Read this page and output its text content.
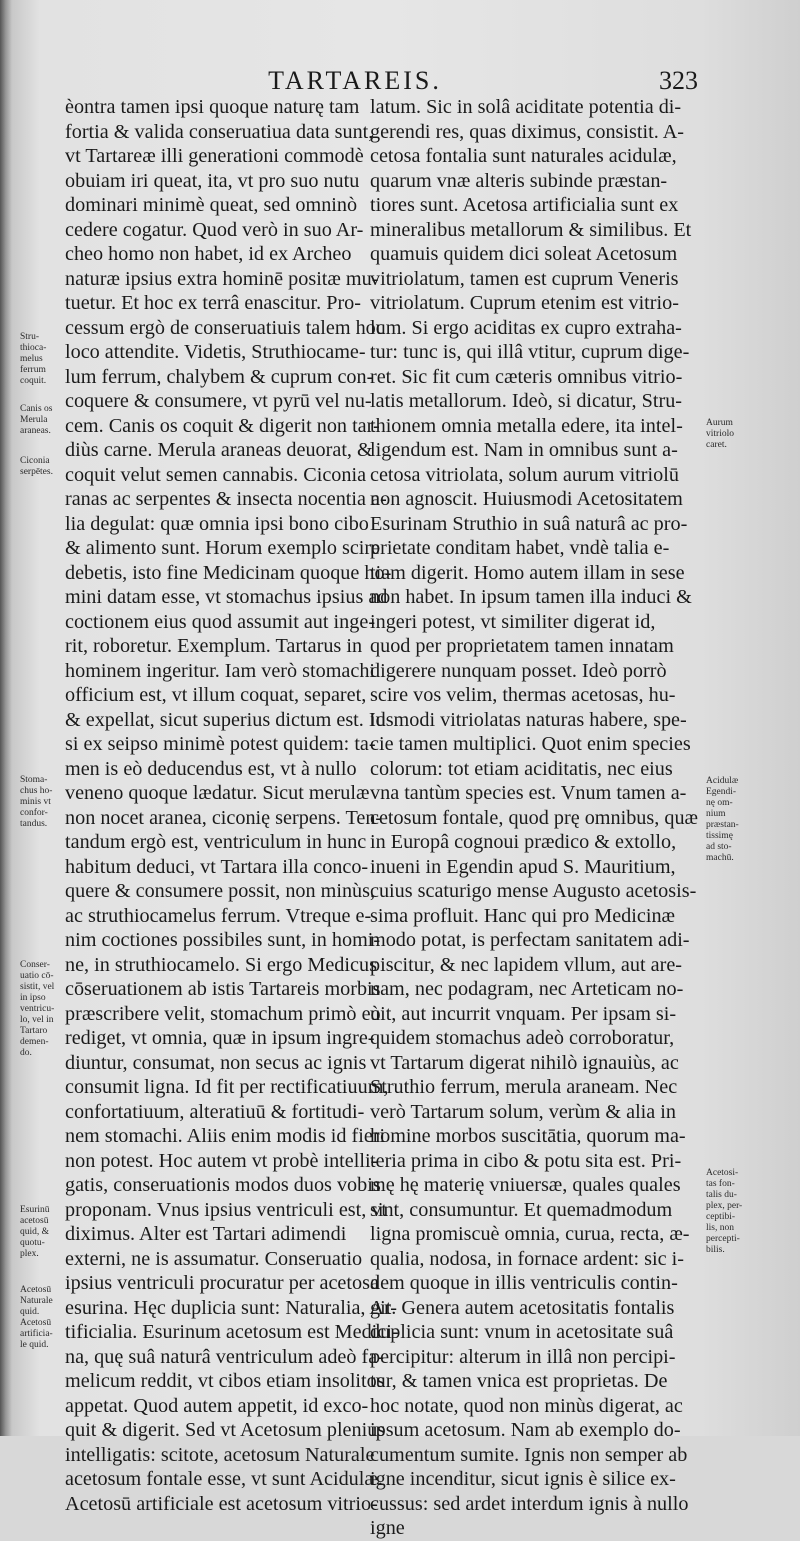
TARTAREIS.	323
èontra tamen ipsi quoque naturę tam
fortia & valida conseruatiua data sunt,
vt Tartareæ illi generationi commodè
obuiam iri queat, ita, vt pro suo nutu
dominari minimè queat, sed omninò
cedere cogatur. Quod verò in suo Ar-
cheo homo non habet, id ex Archeo
naturæ ipsius extra hominē positæ mu-
tuetur. Et hoc ex terrâ enascitur. Pro-
cessum ergò de conseruatiuis talem hoc
loco attendite. Videtis, Struthiocame-
lum ferrum, chalybem & cuprum con-
coquere & consumere, vt pyrū vel nu-
cem. Canis os coquit & digerit non tar-
diùs carne. Merula araneas deuorat, &
coquit velut semen cannabis. Ciconia
ranas ac serpentes & insecta nocentia a-
lia degulat: quæ omnia ipsi bono cibo
& alimento sunt. Horum exemplo scire
debetis, isto fine Medicinam quoque ho-
mini datam esse, vt stomachus ipsius ad
coctionem eius quod assumit aut inge-
rit, roboretur. Exemplum. Tartarus in
hominem ingeritur. Iam verò stomachi
officium est, vt illum coquat, separet,
& expellat, sicut superius dictum est. Id
si ex seipso minimè potest quidem: ta-
men is eò deducendus est, vt à nullo
veneno quoque lædatur. Sicut merulæ
non nocet aranea, ciconię serpens. Ten-
tandum ergò est, ventriculum in hunc
habitum deduci, vt Tartara illa conco-
quere & consumere possit, non minùs,
ac struthiocamelus ferrum. Vtreque e-
nim coctiones possibiles sunt, in homi-
ne, in struthiocamelo. Si ergo Medicus
cōseruationem ab istis Tartareis morbis
præscribere velit, stomachum primò eò
rediget, vt omnia, quæ in ipsum ingre-
diuntur, consumat, non secus ac ignis
consumit ligna. Id fit per rectificatiuum,
confortatiuum, alteratiuū & fortitudi-
nem stomachi. Aliis enim modis id fieri
non potest. Hoc autem vt probè intelli-
gatis, conseruationis modos duos vobis
proponam. Vnus ipsius ventriculi est, vt
diximus. Alter est Tartari adimendi
externi, ne is assumatur. Conseruatio
ipsius ventriculi procuratur per acetosa
esurina. Hęc duplicia sunt: Naturalia, Ar-
tificialia. Esurinum acetosum est Medici-
na, quę suâ naturâ ventriculum adeò fa-
melicum reddit, vt cibos etiam insolitos
appetat. Quod autem appetit, id exco-
quit & digerit. Sed vt Acetosum plenius
intelligatis: scitote, acetosum Naturale
acetosum fontale esse, vt sunt Acidulæ.
Acetosū artificiale est acetosum vitrio-
latum. Sic in solâ aciditate potentia di-
gerendi res, quas diximus, consistit. A-
cetosa fontalia sunt naturales acidulæ,
quarum vnæ alteris subinde præstan-
tiores sunt. Acetosa artificialia sunt ex
mineralibus metallorum & similibus. Et
quamuis quidem dici soleat Acetosum
vitriolatum, tamen est cuprum Veneris
vitriolatum. Cuprum etenim est vitrio-
lum. Si ergo aciditas ex cupro extraha-
tur: tunc is, qui illâ vtitur, cuprum dige-
ret. Sic fit cum cæteris omnibus vitrio-
latis metallorum. Ideò, si dicatur, Stru-
thionem omnia metalla edere, ita intel-
ligendum est. Nam in omnibus sunt a-
cetosa vitriolata, solum aurum vitriolū
non agnoscit. Huiusmodi Acetositatem
Esurinam Struthio in suâ naturâ ac pro-
prietate conditam habet, vndè talia e-
tiam digerit. Homo autem illam in sese
non habet. In ipsum tamen illa induci &
ingeri potest, vt similiter digerat id,
quod per proprietatem tamen innatam
digerere nunquam posset. Ideò porrò
scire vos velim, thermas acetosas, hu-
iusmodi vitriolatas naturas habere, spe-
cie tamen multiplici. Quot enim species
colorum: tot etiam aciditatis, nec eius
vna tantùm species est. Vnum tamen a-
cetosum fontale, quod prę omnibus, quæ
in Europâ cognoui prædico & extollo,
inueni in Egendin apud S. Mauritium,
cuius scaturigo mense Augusto acetosis-
sima profluit. Hanc qui pro Medicinæ
modo potat, is perfectam sanitatem adi-
piscitur, & nec lapidem vllum, aut are-
nam, nec podagram, nec Arteticam no-
uit, aut incurrit vnquam. Per ipsam si-
quidem stomachus adeò corroboratur,
vt Tartarum digerat nihilò ignauiùs, ac
Struthio ferrum, merula araneam. Nec
verò Tartarum solum, verùm & alia in
homine morbos suscitātia, quorum ma-
teria prima in cibo & potu sita est. Pri-
mę hę materię vniuersæ, quales quales
sint, consumuntur. Et quemadmodum
ligna promiscuè omnia, curua, recta, æ-
qualia, nodosa, in fornace ardent: sic i-
dem quoque in illis ventriculis contin-
git. Genera autem acetositatis fontalis
duplicia sunt: vnum in acetositate suâ
percipitur: alterum in illâ non percipi-
tur, & tamen vnica est proprietas. De
hoc notate, quod non minùs digerat, ac
ipsum acetosum. Nam ab exemplo do-
cumentum sumite. Ignis non semper ab
igne incenditur, sicut ignis è silice ex-
cussus: sed ardet interdum ignis à nullo
igne
Stru-
thioca-
melus
ferrum
coquit.
Canis os
Merula
araneas.
Ciconia
serpētes.
Stoma-
chus ho-
minis vt
confor-
tandus.
Conser-
uatio cō-
sistit, vel
in ipso
ventricu-
lo, vel in
Tartaro
demen-
do.
Esurinū
acetosū
quid, &
quotu-
plex.
Acetosū
Naturale
quid.
Acetosū
artificia-
le quid.
Aurum
vitriolo
caret.
Acidulæ
Egendi-
nę om-
nium
præstan-
tissimę
ad sto-
machū.
Acetosi-
tas fon-
talis du-
plex, per-
ceptibi-
lis, non
percepti-
bilis.
